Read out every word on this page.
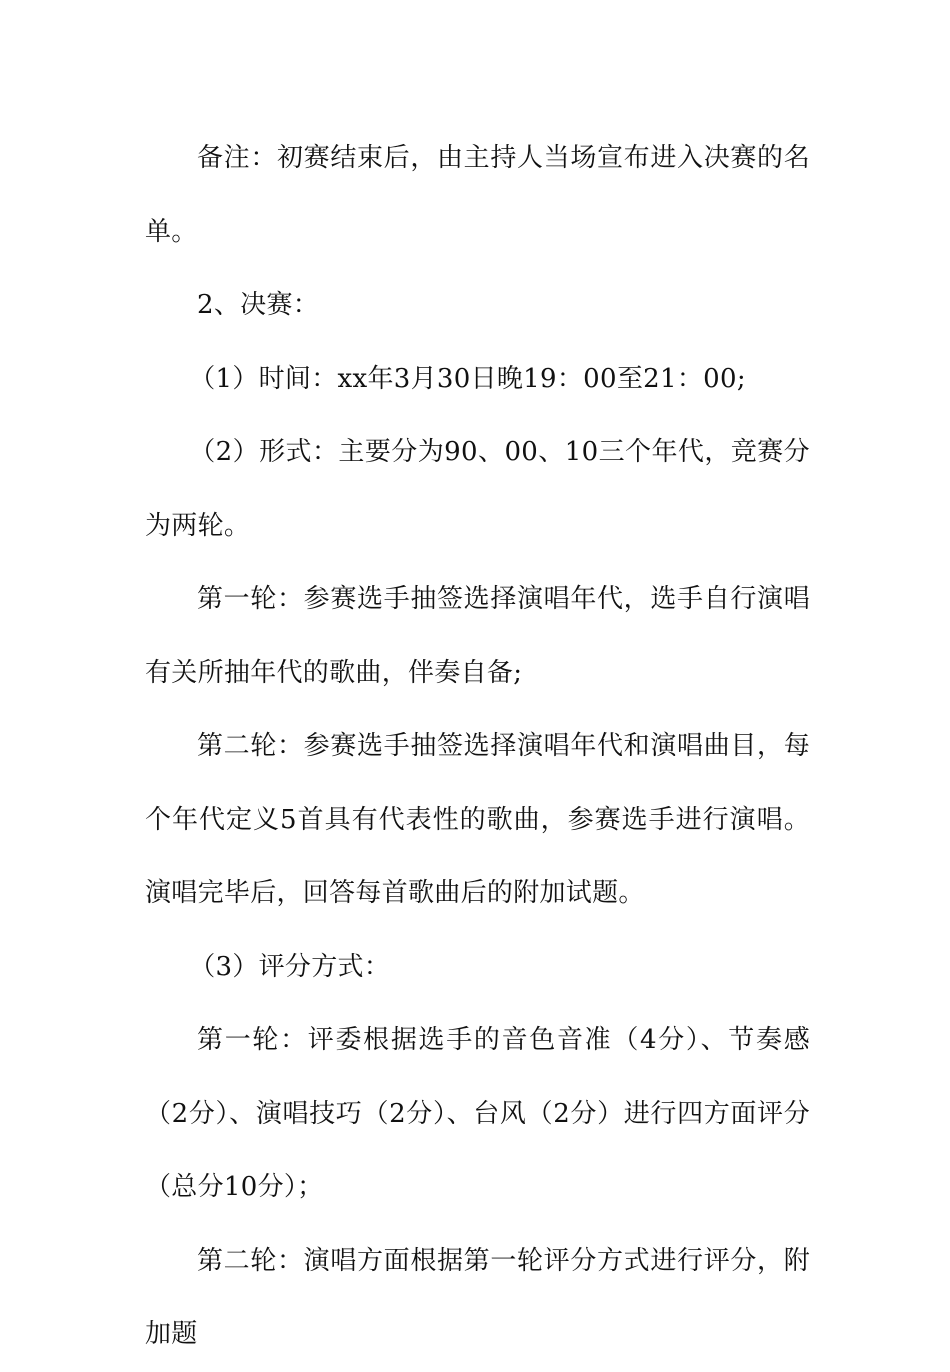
备注：初赛结束后，由主持人当场宣布进入决赛的名单。

2、决赛：

（1）时间：xx年3月30日晚19：00至21：00;

（2）形式：主要分为90、00、10三个年代，竞赛分为两轮。

第一轮：参赛选手抽签选择演唱年代，选手自行演唱有关所抽年代的歌曲，伴奏自备;

第二轮：参赛选手抽签选择演唱年代和演唱曲目，每个年代定义5首具有代表性的歌曲，参赛选手进行演唱。演唱完毕后，回答每首歌曲后的附加试题。

（3）评分方式：

第一轮：评委根据选手的音色音准（4分）、节奏感（2分）、演唱技巧（2分）、台风（2分）进行四方面评分（总分10分）；

第二轮：演唱方面根据第一轮评分方式进行评分，附加题
